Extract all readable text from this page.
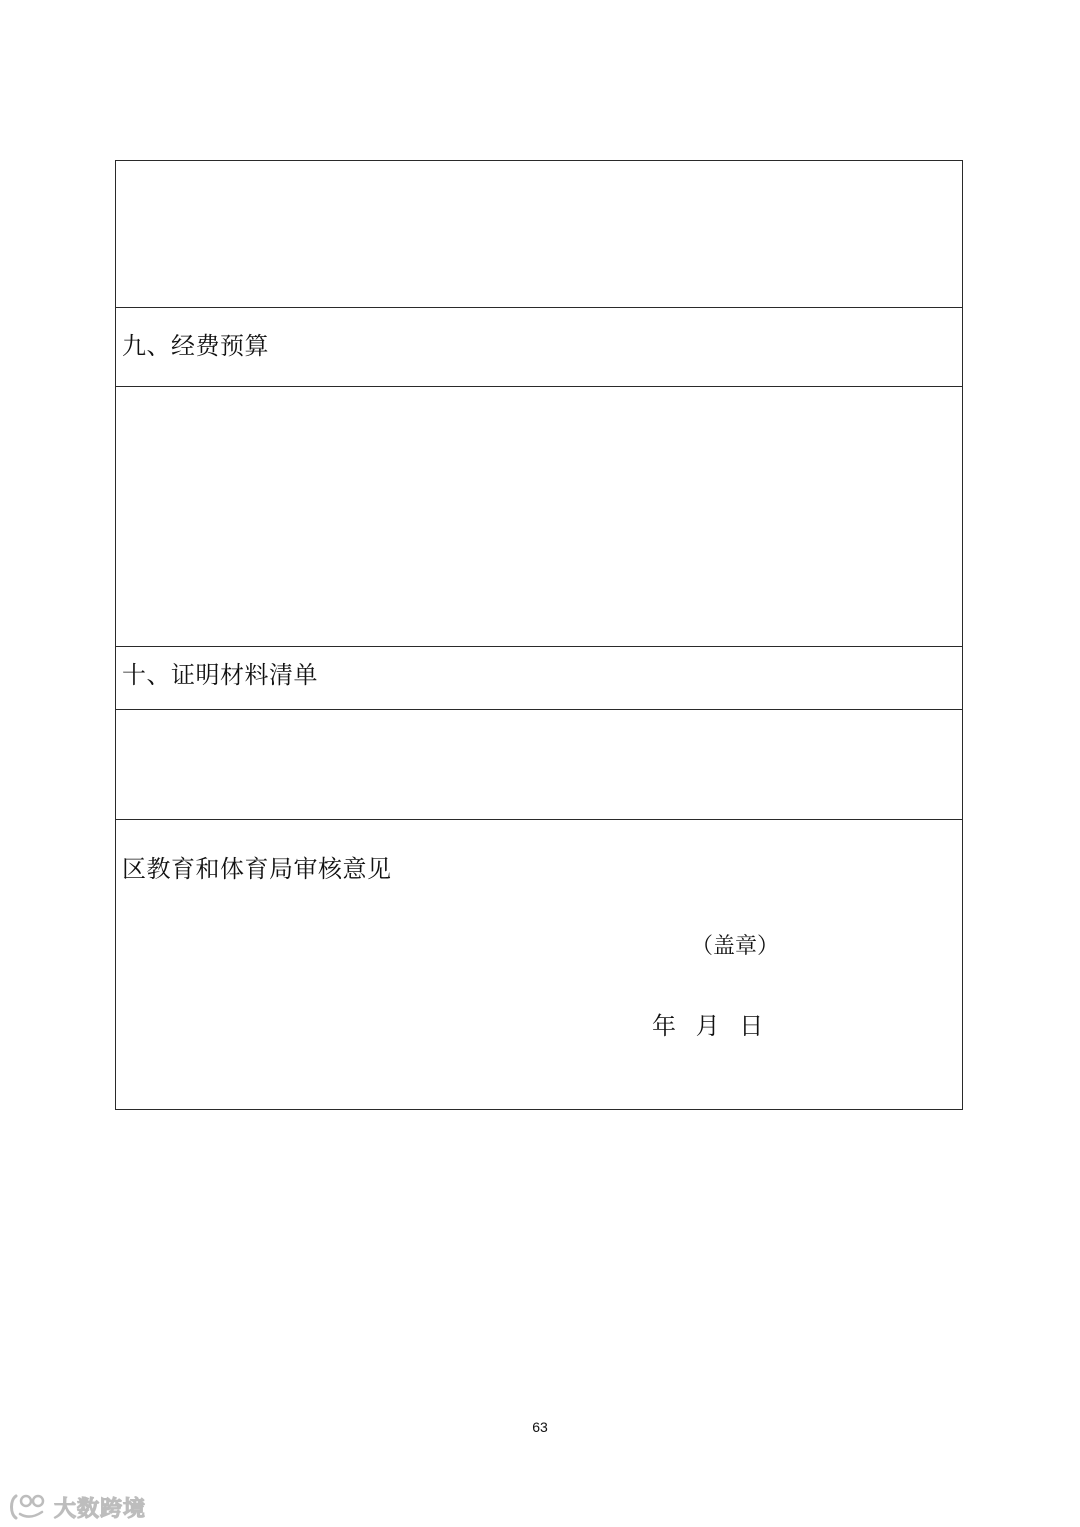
九、经费预算
十、证明材料清单
区教育和体育局审核意见
（盖章）
年 月 日
63
大数跨境
